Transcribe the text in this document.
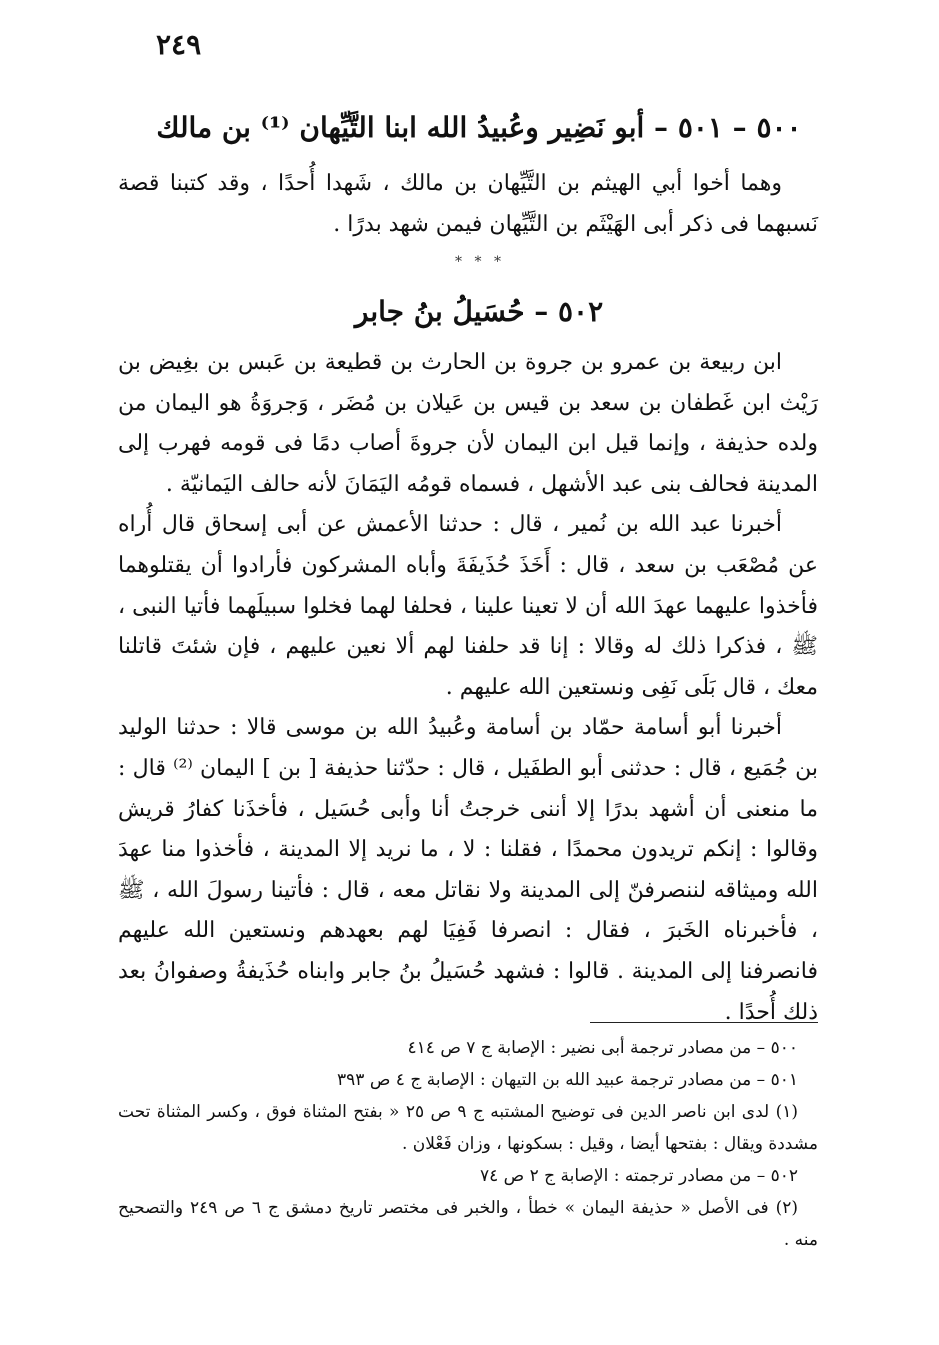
٢٤٩
٥٠٠ – ٥٠١ – أبو نَضِير وعُبيدُ الله ابنا التَّيِّهان ⁽¹⁾ بن مالك

وهما أخوا أبي الهيثم بن التَّيِّهان بن مالك ، شَهدا أُحدًا ، وقد كتبنا قصة نَسبهما فى ذكر أبى الهَيْثَم بن التَّيِّهان فيمن شهد بدرًا .

* * *
٥٠٢ – حُسَيلُ بنُ جابر

ابن ربيعة بن عمرو بن جروة بن الحارث بن قطيعة بن عَبس بن بغِيض بن رَيْث ابن غَطفان بن سعد بن قيس بن عَيلان بن مُضَر ، وَجروَةُ هو اليمان من ولده حذيفة ، وإنما قيل ابن اليمان لأن جروةَ أصاب دمًا فى قومه فهرب إلى المدينة فحالف بنى عبد الأشهل ، فسماه قومُه اليَمَانَ لأنه حالف اليَمانيّة .

أخبرنا عبد الله بن نُمير ، قال : حدثنا الأعمش عن أبى إسحاق قال أُراه عن مُصْعَب بن سعد ، قال : أَخَذَ حُذَيفَةَ وأباه المشركون فأرادوا أن يقتلوهما فأخذوا عليهما عهدَ الله أن لا تعينا علينا ، فحلفا لهما فخلوا سبيلَهما فأتيا النبى ، ﷺ ، فذكرا ذلك له وقالا : إنا قد حلفنا لهم ألا نعين عليهم ، فإن شئتَ قاتلنا معك ، قال بَلَى نَفِى ونستعين الله عليهم .

أخبرنا أبو أسامة حمّاد بن أسامة وعُبيدُ الله بن موسى قالا : حدثنا الوليد بن جُمَيع ، قال : حدثنى أبو الطفَيل ، قال : حدّثنا حذيفة [ بن ] اليمان ⁽²⁾ قال : ما منعنى أن أشهد بدرًا إلا أننى خرجتُ أنا وأبى حُسَيل ، فأخذَنا كفارُ قريش وقالوا : إنكم تريدون محمدًا ، فقلنا : لا ، ما نريد إلا المدينة ، فأخذوا منا عهدَ الله وميثاقه لننصرفنّ إلى المدينة ولا نقاتل معه ، قال : فأتينا رسولَ الله ، ﷺ ، فأخبرناه الخَبرَ ، فقال : انصرفا فَفِيَا لهم بعهدهم ونستعين الله عليهم فانصرفنا إلى المدينة . قالوا : فشهد حُسَيلُ بنُ جابر وابناه حُذَيفةُ وصفوانُ بعد ذلك أُحدًا .

٥٠٠ – من مصادر ترجمة أبى نضير : الإصابة ج ٧ ص ٤١٤
٥٠١ – من مصادر ترجمة عبيد الله بن التيهان : الإصابة ج ٤ ص ٣٩٣
(١) لدى ابن ناصر الدين فى توضيح المشتبه ج ٩ ص ٢٥ « بفتح المثناة فوق ، وكسر المثناة تحت مشددة ويقال : بفتحها أيضا ، وقيل : بسكونها ، وزان فَعْلان .
٥٠٢ – من مصادر ترجمته : الإصابة ج ٢ ص ٧٤
(٢) فى الأصل « حذيفة اليمان » خطأ ، والخبر فى مختصر تاريخ دمشق ج ٦ ص ٢٤٩ والتصحيح منه .
